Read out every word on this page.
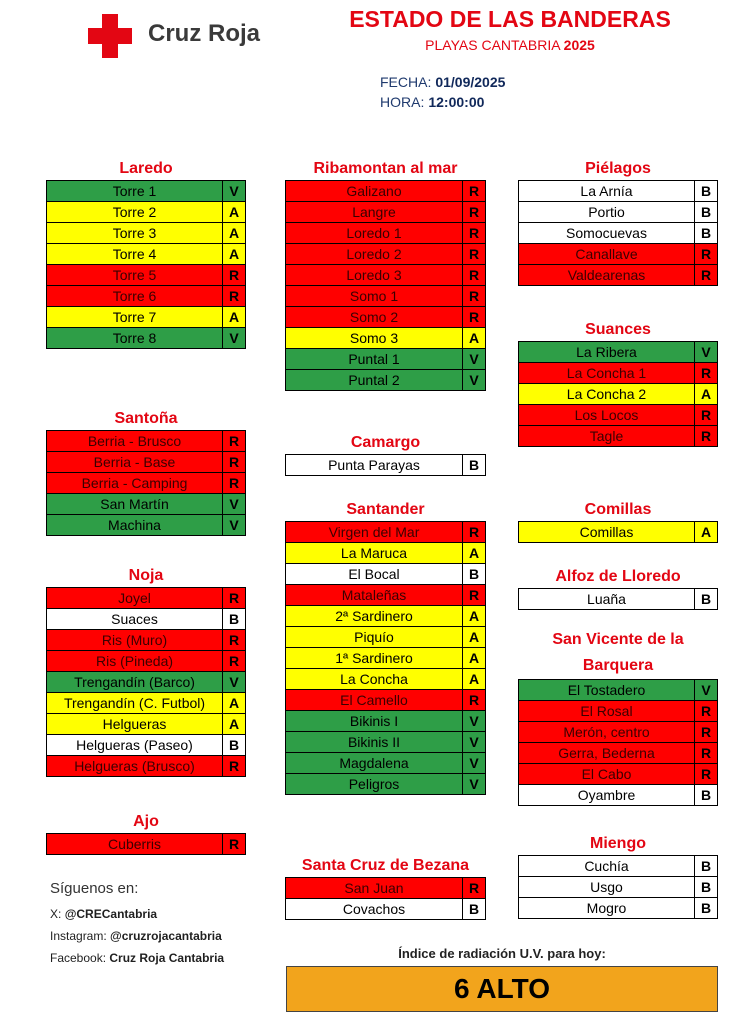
Cruz Roja
ESTADO DE LAS BANDERAS
PLAYAS CANTABRIA 2025
FECHA: 01/09/2025
HORA: 12:00:00
Laredo
Torre 1	V
Torre 2	A
Torre 3	A
Torre 4	A
Torre 5	R
Torre 6	R
Torre 7	A
Torre 8	V
Santoña
Berria - Brusco	R
Berria - Base	R
Berria - Camping	R
San Martín	V
Machina	V
Noja
Joyel	R
Suaces	B
Ris (Muro)	R
Ris (Pineda)	R
Trengandín (Barco)	V
Trengandín (C. Futbol)	A
Helgueras	A
Helgueras (Paseo)	B
Helgueras (Brusco)	R
Ajo
Cuberris	R
Ribamontan al mar
Galizano	R
Langre	R
Loredo 1	R
Loredo 2	R
Loredo 3	R
Somo 1	R
Somo 2	R
Somo 3	A
Puntal 1	V
Puntal 2	V
Camargo
Punta Parayas	B
Santander
Virgen del Mar	R
La Maruca	A
El Bocal	B
Mataleñas	R
2ª Sardinero	A
Piquío	A
1ª Sardinero	A
La Concha	A
El Camello	R
Bikinis I	V
Bikinis II	V
Magdalena	V
Peligros	V
Santa Cruz de Bezana
San Juan	R
Covachos	B
Piélagos
La Arnía	B
Portio	B
Somocuevas	B
Canallave	R
Valdearenas	R
Suances
La Ribera	V
La Concha 1	R
La Concha 2	A
Los Locos	R
Tagle	R
Comillas
Comillas	A
Alfoz de Lloredo
Luaña	B
San Vicente de la Barquera
El Tostadero	V
El Rosal	R
Merón, centro	R
Gerra, Bederna	R
El Cabo	R
Oyambre	B
Miengo
Cuchía	B
Usgo	B
Mogro	B
Síguenos en:
X: @CRECantabria
Instagram: @cruzrojacantabria
Facebook: Cruz Roja Cantabria	Índice de radiación U.V. para hoy:
6 ALTO
